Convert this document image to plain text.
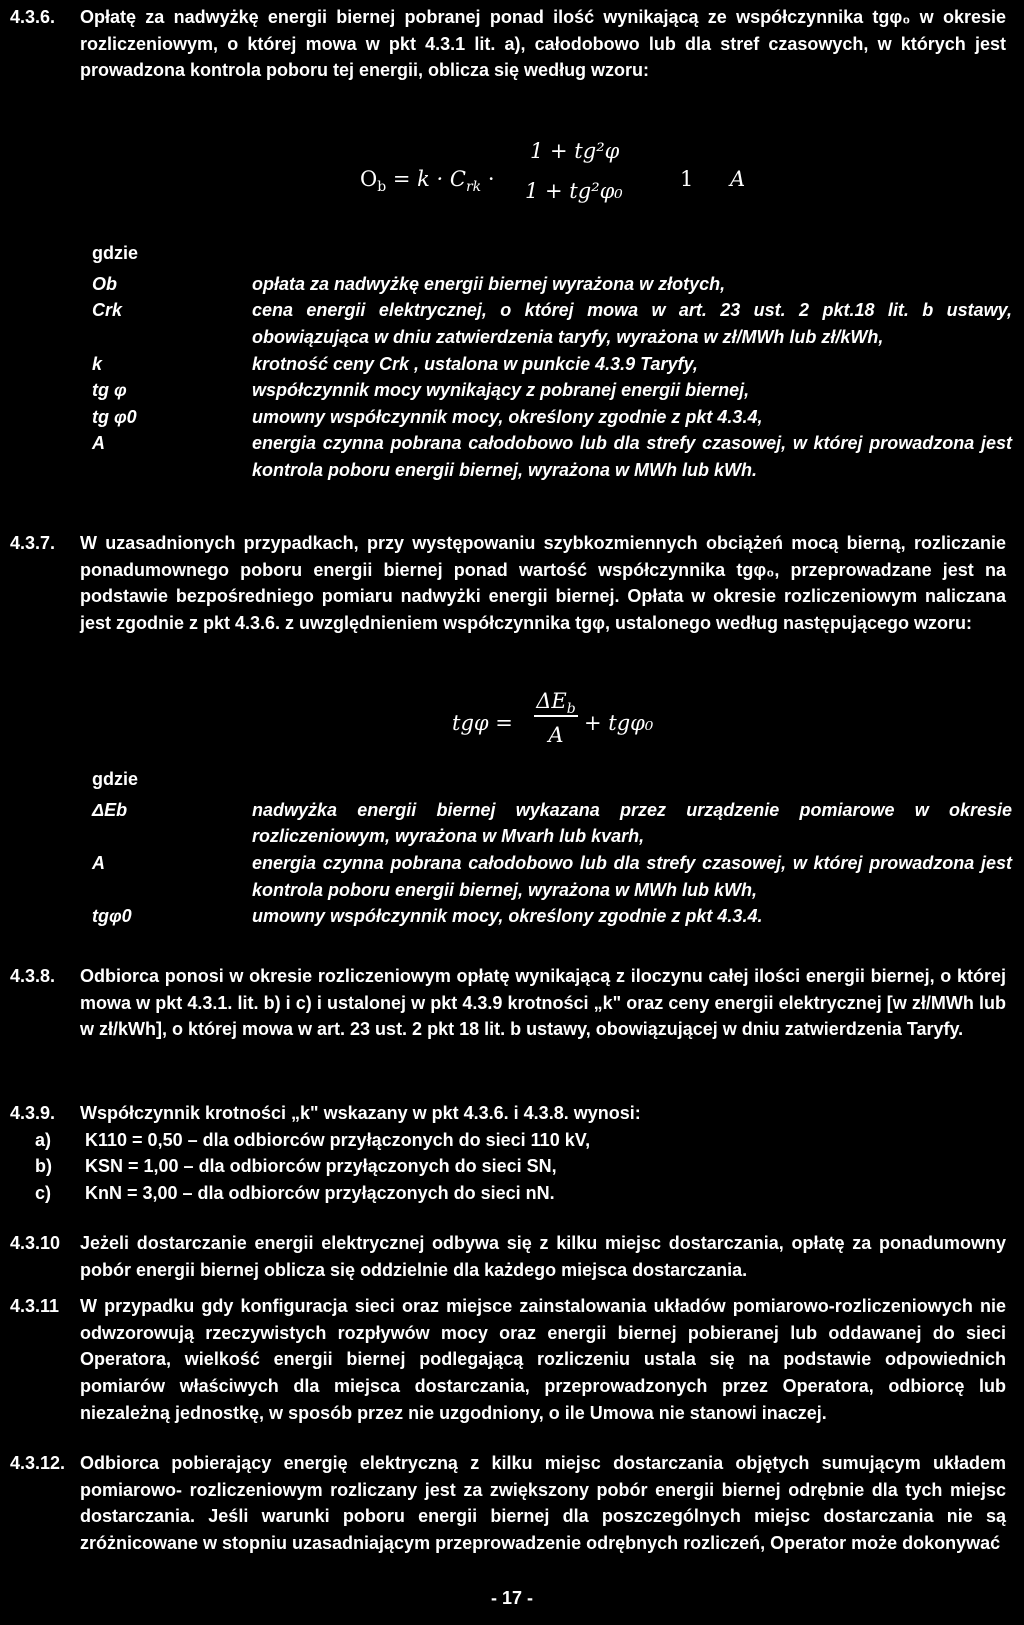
4.3.6. Opłatę za nadwyżkę energii biernej pobranej ponad ilość wynikającą ze współczynnika tgφ₀ w okresie rozliczeniowym, o której mowa w pkt 4.3.1 lit. a), całodobowo lub dla stref czasowych, w których jest prowadzona kontrola poboru tej energii, oblicza się według wzoru:
$O_b = k \cdot C_{rk}$ ·
1 + tg²φ
1 + tg²φ₀	1 A
gdzie
Ob	opłata za nadwyżkę energii biernej wyrażona w złotych,
Crk	cena energii elektrycznej, o której mowa w art. 23 ust. 2 pkt.18 lit. b ustawy, obowiązująca w dniu zatwierdzenia taryfy, wyrażona w zł/MWh lub zł/kWh,
k	krotność ceny Crk , ustalona w punkcie 4.3.9 Taryfy,
tg φ	współczynnik mocy wynikający z pobranej energii biernej,
tg φ0	umowny współczynnik mocy, określony zgodnie z pkt 4.3.4,
A	energia czynna pobrana całodobowo lub dla strefy czasowej, w której prowadzona jest kontrola poboru energii biernej, wyrażona w MWh lub kWh.
4.3.7. W uzasadnionych przypadkach, przy występowaniu szybkozmiennych obciążeń mocą bierną, rozliczanie ponadumownego poboru energii biernej ponad wartość współczynnika tgφ₀, przeprowadzane jest na podstawie bezpośredniego pomiaru nadwyżki energii biernej. Opłata w okresie rozliczeniowym naliczana jest zgodnie z pkt 4.3.6. z uwzględnieniem współczynnika tgφ, ustalonego według następującego wzoru:
tgφ =
$\Delta E_b$
A + tgφ₀
gdzie
ΔEb	nadwyżka energii biernej wykazana przez urządzenie pomiarowe w okresie rozliczeniowym, wyrażona w Mvarh lub kvarh,
A	energia czynna pobrana całodobowo lub dla strefy czasowej, w której prowadzona jest kontrola poboru energii biernej, wyrażona w MWh lub kWh,
tgφ0	umowny współczynnik mocy, określony zgodnie z pkt 4.3.4.
4.3.8. Odbiorca ponosi w okresie rozliczeniowym opłatę wynikającą z iloczynu całej ilości energii biernej, o której mowa w pkt 4.3.1. lit. b) i c) i ustalonej w pkt 4.3.9 krotności „k" oraz ceny energii elektrycznej [w zł/MWh lub w zł/kWh], o której mowa w art. 23 ust. 2 pkt 18 lit. b ustawy, obowiązującej w dniu zatwierdzenia Taryfy.
4.3.9. Współczynnik krotności „k" wskazany w pkt 4.3.6. i 4.3.8. wynosi:
a)	K110 = 0,50 – dla odbiorców przyłączonych do sieci 110 kV,
b)	KSN = 1,00 – dla odbiorców przyłączonych do sieci SN,
c)	KnN = 3,00 – dla odbiorców przyłączonych do sieci nN.
4.3.10 Jeżeli dostarczanie energii elektrycznej odbywa się z kilku miejsc dostarczania, opłatę za ponadumowny pobór energii biernej oblicza się oddzielnie dla każdego miejsca dostarczania.
4.3.11 W przypadku gdy konfiguracja sieci oraz miejsce zainstalowania układów pomiarowo-rozliczeniowych nie odwzorowują rzeczywistych rozpływów mocy oraz energii biernej pobieranej lub oddawanej do sieci Operatora, wielkość energii biernej podlegającą rozliczeniu ustala się na podstawie odpowiednich pomiarów właściwych dla miejsca dostarczania, przeprowadzonych przez Operatora, odbiorcę lub niezależną jednostkę, w sposób przez nie uzgodniony, o ile Umowa nie stanowi inaczej.
4.3.12. Odbiorca pobierający energię elektryczną z kilku miejsc dostarczania objętych sumującym układem pomiarowo- rozliczeniowym rozliczany jest za zwiększony pobór energii biernej odrębnie dla tych miejsc dostarczania. Jeśli warunki poboru energii biernej dla poszczególnych miejsc dostarczania nie są zróżnicowane w stopniu uzasadniającym przeprowadzenie odrębnych rozliczeń, Operator może dokonywać
- 17 -
